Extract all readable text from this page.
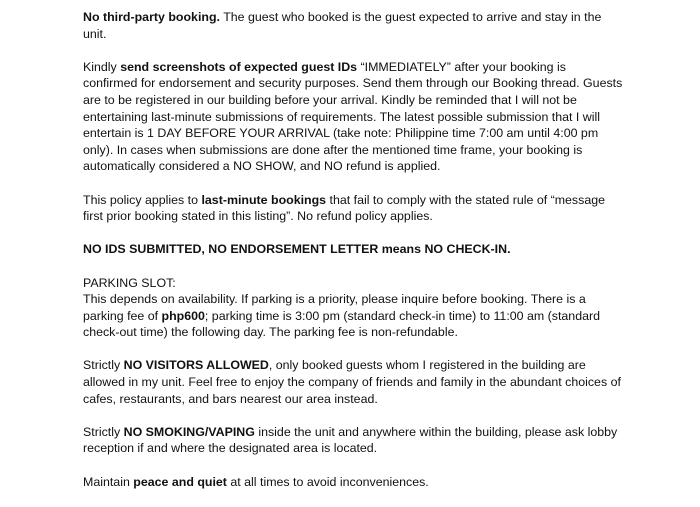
No third-party booking. The guest who booked is the guest expected to arrive and stay in the unit.

Kindly send screenshots of expected guest IDs “IMMEDIATELY” after your booking is confirmed for endorsement and security purposes. Send them through our Booking thread. Guests are to be registered in our building before your arrival. Kindly be reminded that I will not be entertaining last-minute submissions of requirements. The latest possible submission that I will entertain is 1 DAY BEFORE YOUR ARRIVAL (take note: Philippine time 7:00 am until 4:00 pm only). In cases when submissions are done after the mentioned time frame, your booking is automatically considered a NO SHOW, and NO refund is applied.

This policy applies to last-minute bookings that fail to comply with the stated rule of “message first prior booking stated in this listing”. No refund policy applies.

NO IDS SUBMITTED, NO ENDORSEMENT LETTER means NO CHECK-IN.

PARKING SLOT:
This depends on availability. If parking is a priority, please inquire before booking. There is a parking fee of php600; parking time is 3:00 pm (standard check-in time) to 11:00 am (standard check-out time) the following day. The parking fee is non-refundable.

Strictly NO VISITORS ALLOWED, only booked guests whom I registered in the building are allowed in my unit. Feel free to enjoy the company of friends and family in the abundant choices of cafes, restaurants, and bars nearest our area instead.

Strictly NO SMOKING/VAPING inside the unit and anywhere within the building, please ask lobby reception if and where the designated area is located.

Maintain peace and quiet at all times to avoid inconveniences.
